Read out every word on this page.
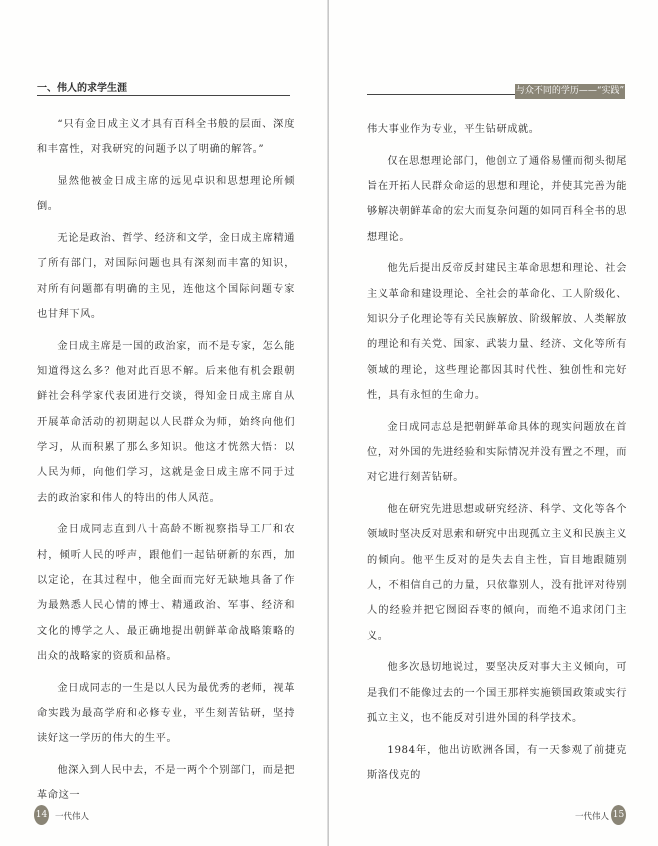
一、伟人的求学生涯

“只有金日成主义才具有百科全书般的层面、深度和丰富性，对我研究的问题予以了明确的解答。”

显然他被金日成主席的远见卓识和思想理论所倾倒。

无论是政治、哲学、经济和文学，金日成主席精通了所有部门，对国际问题也具有深刻而丰富的知识，对所有问题都有明确的主见，连他这个国际问题专家也甘拜下风。

金日成主席是一国的政治家，而不是专家，怎么能知道得这么多？他对此百思不解。后来他有机会跟朝鲜社会科学家代表团进行交谈，得知金日成主席自从开展革命活动的初期起以人民群众为师，始终向他们学习，从而积累了那么多知识。他这才恍然大悟：以人民为师，向他们学习，这就是金日成主席不同于过去的政治家和伟人的特出的伟人风范。

金日成同志直到八十高龄不断视察指导工厂和农村，倾听人民的呼声，跟他们一起钻研新的东西，加以定论，在其过程中，他全面而完好无缺地具备了作为最熟悉人民心情的博士、精通政治、军事、经济和文化的博学之人、最正确地提出朝鲜革命战略策略的出众的战略家的资质和品格。

金日成同志的一生是以人民为最优秀的老师，视革命实践为最高学府和必修专业，平生刻苦钻研，坚持读好这一学历的伟大的生平。

他深入到人民中去，不是一两个个别部门，而是把革命这一

14 一代伟人
与众不同的学历——“实践”

伟大事业作为专业，平生钻研成就。

仅在思想理论部门，他创立了通俗易懂而彻头彻尾旨在开拓人民群众命运的思想和理论，并使其完善为能够解决朝鲜革命的宏大而复杂问题的如同百科全书的思想理论。

他先后提出反帝反封建民主革命思想和理论、社会主义革命和建设理论、全社会的革命化、工人阶级化、知识分子化理论等有关民族解放、阶级解放、人类解放的理论和有关党、国家、武装力量、经济、文化等所有领域的理论，这些理论都因其时代性、独创性和完好性，具有永恒的生命力。

金日成同志总是把朝鲜革命具体的现实问题放在首位，对外国的先进经验和实际情况并没有置之不理，而对它进行刻苦钻研。

他在研究先进思想或研究经济、科学、文化等各个领域时坚决反对思索和研究中出现孤立主义和民族主义的倾向。他平生反对的是失去自主性，盲目地跟随别人，不相信自己的力量，只依靠别人，没有批评对待别人的经验并把它囫囵吞枣的倾向，而绝不追求闭门主义。

他多次恳切地说过，要坚决反对事大主义倾向，可是我们不能像过去的一个国王那样实施锁国政策或实行孤立主义，也不能反对引进外国的科学技术。

1984年，他出访欧洲各国，有一天参观了前捷克斯洛伐克的

一代伟人 15
